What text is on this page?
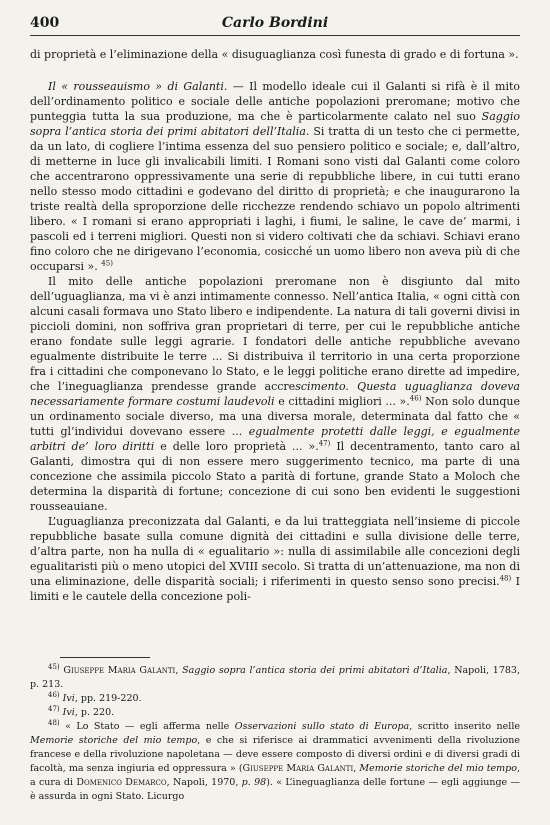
400	Carlo Bordini

di proprietà e l’eliminazione della « disuguaglianza così funesta di grado e di fortuna ».

Il « rousseauismo » di Galanti. — Il modello ideale cui il Galanti si rifà è il mito dell’ordinamento politico e sociale delle antiche popolazioni preromane; motivo che punteggia tutta la sua produzione, ma che è particolarmente calato nel suo Saggio sopra l’antica storia dei primi abitatori dell’Italia. Si tratta di un testo che ci permette, da un lato, di cogliere l’intima essenza del suo pensiero politico e sociale; e, dall’altro, di metterne in luce gli invalicabili limiti. I Romani sono visti dal Galanti come coloro che accentrarono oppressivamente una serie di repubbliche libere, in cui tutti erano nello stesso modo cittadini e godevano del diritto di proprietà; e che inaugurarono la triste realtà della sproporzione delle ricchezze rendendo schiavo un popolo altrimenti libero. « I romani si erano appropriati i laghi, i fiumi, le saline, le cave de’ marmi, i pascoli ed i terreni migliori. Questi non si videro coltivati che da schiavi. Schiavi erano fino coloro che ne dirigevano l’economia, cosicché un uomo libero non aveva più di che occuparsi ». $^{45)}$

Il mito delle antiche popolazioni preromane non è disgiunto dal mito dell’uguaglianza, ma vi è anzi intimamente connesso. Nell’antica Italia, « ogni città con alcuni casali formava uno Stato libero e indipendente. La natura di tali governi divisi in piccioli domini, non soffriva gran proprietari di terre, per cui le repubbliche antiche erano fondate sulle leggi agrarie. I fondatori delle antiche repubbliche avevano egualmente distribuite le terre ... Si distribuiva il territorio in una certa proporzione fra i cittadini che componevano lo Stato, e le leggi politiche erano dirette ad impedire, che l’ineguaglianza prendesse grande accrescimento. Questa uguaglianza doveva necessariamente formare costumi laudevoli e cittadini migliori ... ».$^{46)}$ Non solo dunque un ordinamento sociale diverso, ma una diversa morale, determinata dal fatto che « tutti gl’individui dovevano essere ... egualmente protetti dalle leggi, e egualmente arbitri de’ loro diritti e delle loro proprietà ... ».$^{47)}$ Il decentramento, tanto caro al Galanti, dimostra qui di non essere mero suggerimento tecnico, ma parte di una concezione che assimila piccolo Stato a parità di fortune, grande Stato a Moloch che determina la disparità di fortune; concezione di cui sono ben evidenti le suggestioni rousseauiane.

L’uguaglianza preconizzata dal Galanti, e da lui tratteggiata nell’insieme di piccole repubbliche basate sulla comune dignità dei cittadini e sulla divisione delle terre, d’altra parte, non ha nulla di « egualitario »: nulla di assimilabile alle concezioni degli egualitaristi più o meno utopici del XVIII secolo. Si tratta di un’attenuazione, ma non di una eliminazione, delle disparità sociali; i riferimenti in questo senso sono precisi.$^{48)}$ I limiti e le cautele della concezione poli-

$^{45)}$ Giuseppe Maria Galanti, Saggio sopra l’antica storia dei primi abitatori d’Italia, Napoli, 1783, p. 213.

$^{46)}$ Ivi, pp. 219-220.

$^{47)}$ Ivi, p. 220.

$^{48)}$ « Lo Stato — egli afferma nelle Osservazioni sullo stato di Europa, scritto inserito nelle Memorie storiche del mio tempo, e che si riferisce ai drammatici avvenimenti della rivoluzione francese e della rivoluzione napoletana — deve essere composto di diversi ordini e di diversi gradi di facoltà, ma senza ingiuria ed oppressura » (Giuseppe Maria Galanti, Memorie storiche del mio tempo, a cura di Domenico Demarco, Napoli, 1970, p. 98). « L’ineguaglianza delle fortune — egli aggiunge — è assurda in ogni Stato. Licurgo
